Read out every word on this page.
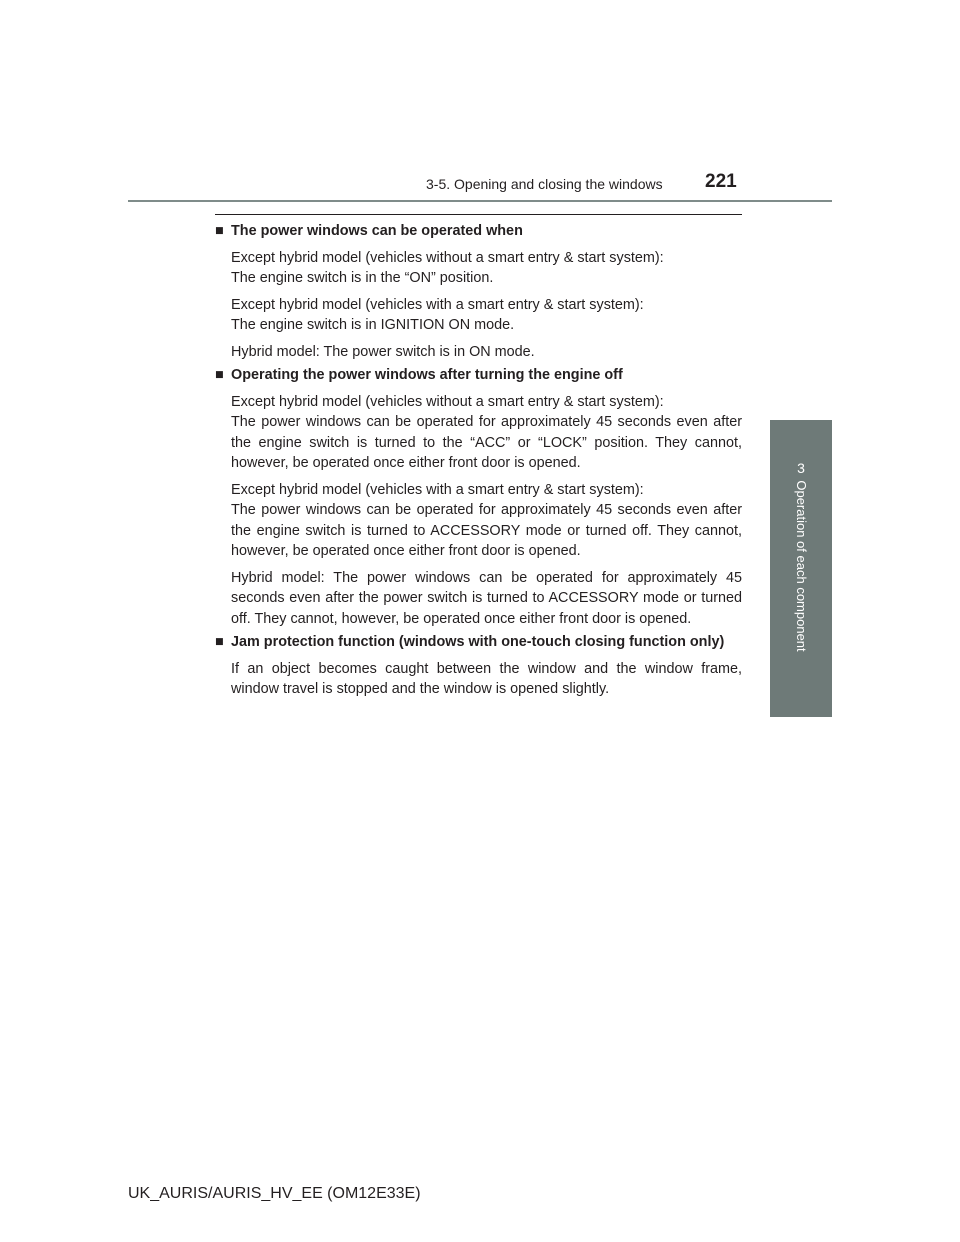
3-5. Opening and closing the windows 221
3
Operation of each component
■ The power windows can be operated when

Except hybrid model (vehicles without a smart entry & start system):
The engine switch is in the “ON” position.

Except hybrid model (vehicles with a smart entry & start system):
The engine switch is in IGNITION ON mode.

Hybrid model: The power switch is in ON mode.

■ Operating the power windows after turning the engine off

Except hybrid model (vehicles without a smart entry & start system):
The power windows can be operated for approximately 45 seconds even after the engine switch is turned to the “ACC” or “LOCK” position. They cannot, however, be operated once either front door is opened.

Except hybrid model (vehicles with a smart entry & start system):
The power windows can be operated for approximately 45 seconds even after the engine switch is turned to ACCESSORY mode or turned off. They cannot, however, be operated once either front door is opened.

Hybrid model: The power windows can be operated for approximately 45 seconds even after the power switch is turned to ACCESSORY mode or turned off. They cannot, however, be operated once either front door is opened.

■ Jam protection function (windows with one-touch closing function only)

If an object becomes caught between the window and the window frame, window travel is stopped and the window is opened slightly.

UK_AURIS/AURIS_HV_EE (OM12E33E)
